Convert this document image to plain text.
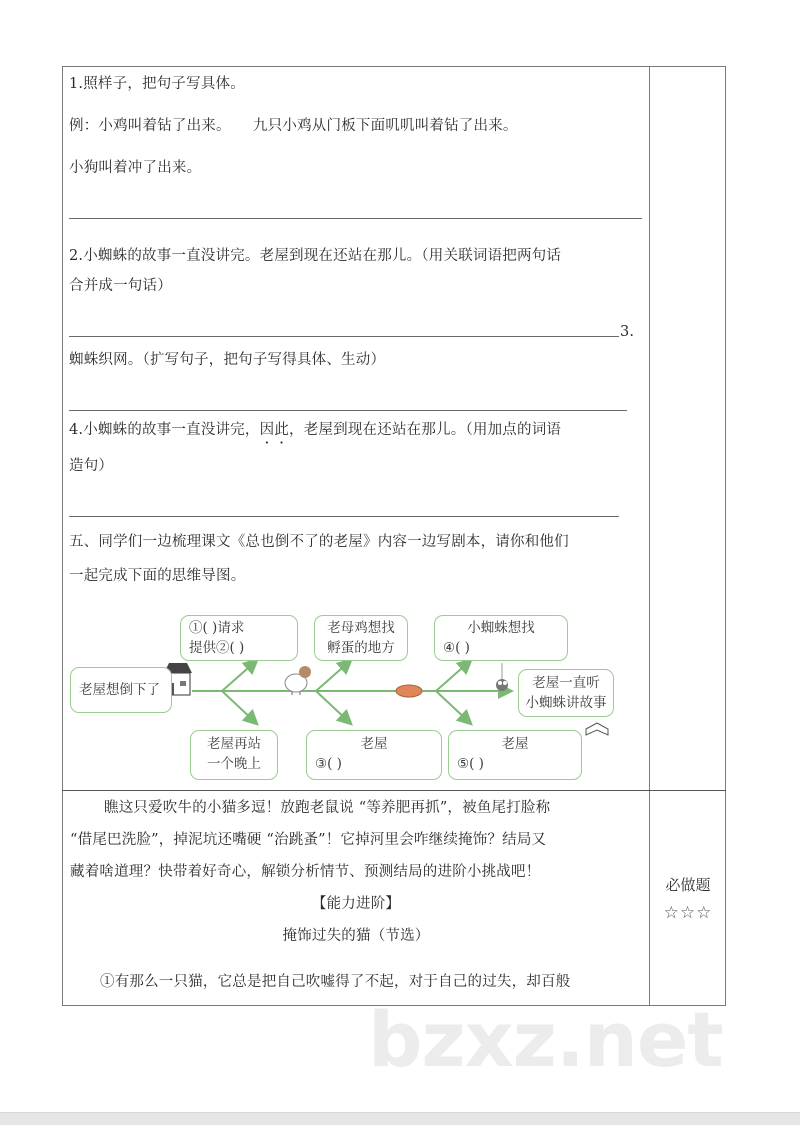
1.照样子，把句子写具体。
例：小鸡叫着钻了出来。 九只小鸡从门板下面叽叽叫着钻了出来。
小狗叫着冲了出来。
2.小蜘蛛的故事一直没讲完。老屋到现在还站在那儿。（用关联词语把两句话
合并成一句话）
3.
蜘蛛织网。（扩写句子，把句子写得具体、生动）
4.小蜘蛛的故事一直没讲完，因此，老屋到现在还站在那儿。（用加点的词语
造句）
五、同学们一边梳理课文《总也倒不了的老屋》内容一边写剧本，请你和他们
一起完成下面的思维导图。
老屋想倒下了
①( )请求
提供②( )
老母鸡想找
孵蛋的地方
小蜘蛛想找
④( )
老屋一直听
小蜘蛛讲故事
老屋再站
一个晚上
老屋
③( )
老屋
⑤( )
瞧这只爱吹牛的小猫多逗！放跑老鼠说 “等养肥再抓”，被鱼尾打脸称
“借尾巴洗脸”，掉泥坑还嘴硬 “治跳蚤”！它掉河里会咋继续掩饰？结局又
藏着啥道理？快带着好奇心，解锁分析情节、预测结局的进阶小挑战吧！
【能力进阶】
掩饰过失的猫（节选）
①有那么一只猫，它总是把自己吹嘘得了不起，对于自己的过失，却百般
必做题
☆☆☆
bzxz.net
